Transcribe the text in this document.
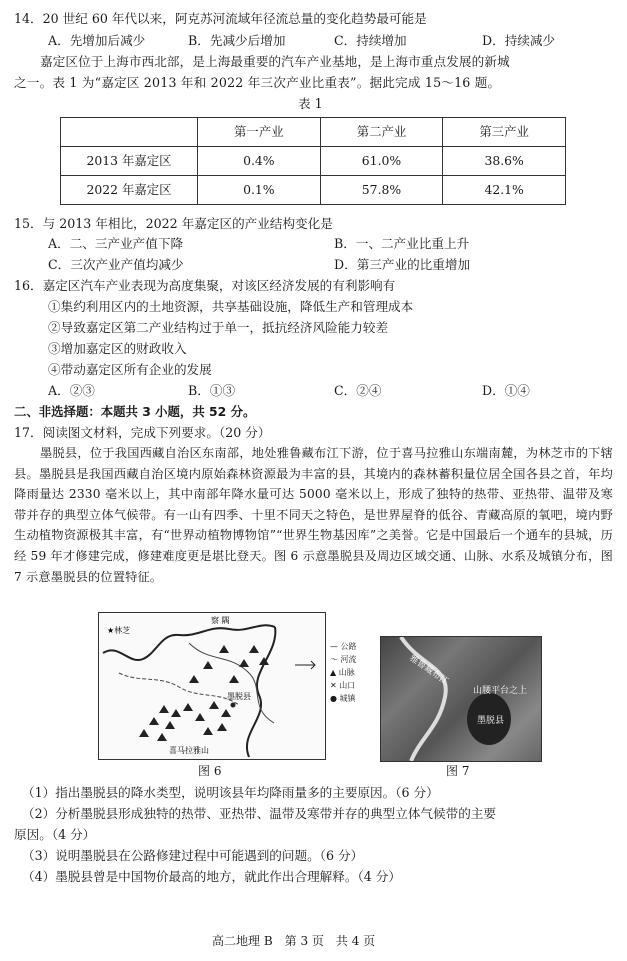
14．20 世纪 60 年代以来，阿克苏河流域年径流总量的变化趋势最可能是
A．先增加后减少	B．先减少后增加	C．持续增加	D．持续减少
嘉定区位于上海市西北部，是上海最重要的汽车产业基地，是上海市重点发展的新城
之一。表 1 为“嘉定区 2013 年和 2022 年三次产业比重表”。据此完成 15～16 题。
表 1
	第一产业	第二产业	第三产业
2013 年嘉定区	0.4%	61.0%	38.6%
2022 年嘉定区	0.1%	57.8%	42.1%
15．与 2013 年相比，2022 年嘉定区的产业结构变化是
A．二、三产业产值下降	B．一、二产业比重上升
C．三次产业产值均减少	D．第三产业的比重增加
16．嘉定区汽车产业表现为高度集聚，对该区经济发展的有利影响有
①集约利用区内的土地资源，共享基础设施，降低生产和管理成本
②导致嘉定区第二产业结构过于单一，抵抗经济风险能力较差
③增加嘉定区的财政收入
④带动嘉定区所有企业的发展
A．②③	B．①③	C．②④	D．①④
二、非选择题：本题共 3 小题，共 52 分。
17．阅读图文材料，完成下列要求。（20 分）
墨脱县，位于我国西藏自治区东南部，地处雅鲁藏布江下游，位于喜马拉雅山东端南麓，为林芝市的下辖县。墨脱县是我国西藏自治区境内原始森林资源最为丰富的县，其境内的森林蓄积量位居全国各县之首，年均降雨量达 2330 毫米以上，其中南部年降水量可达 5000 毫米以上，形成了独特的热带、亚热带、温带及寒带并存的典型立体气候带。有一山有四季、十里不同天之特色，是世界屋脊的低谷、青藏高原的氧吧，境内野生动植物资源极其丰富，有“世界动植物博物馆”“世界生物基因库”之美誉。它是中国最后一个通车的县城，历经 59 年才修建完成，修建难度更是堪比登天。图 6 示意墨脱县及周边区域交通、山脉、水系及城镇分布，图 7 示意墨脱县的位置特征。
★林芝
察 隅
墨脱县
喜马拉雅山
— 公路
～ 河流
▲ 山脉
✕ 山口
● 城镇
图 6
雅鲁藏布江
山腰平台之上
墨脱县
图 7
（1）指出墨脱县的降水类型，说明该县年均降雨量多的主要原因。（6 分）
（2）分析墨脱县形成独特的热带、亚热带、温带及寒带并存的典型立体气候带的主要
原因。（4 分）
（3）说明墨脱县在公路修建过程中可能遇到的问题。（6 分）
（4）墨脱县曾是中国物价最高的地方，就此作出合理解释。（4 分）
高二地理 B　第 3 页　共 4 页
